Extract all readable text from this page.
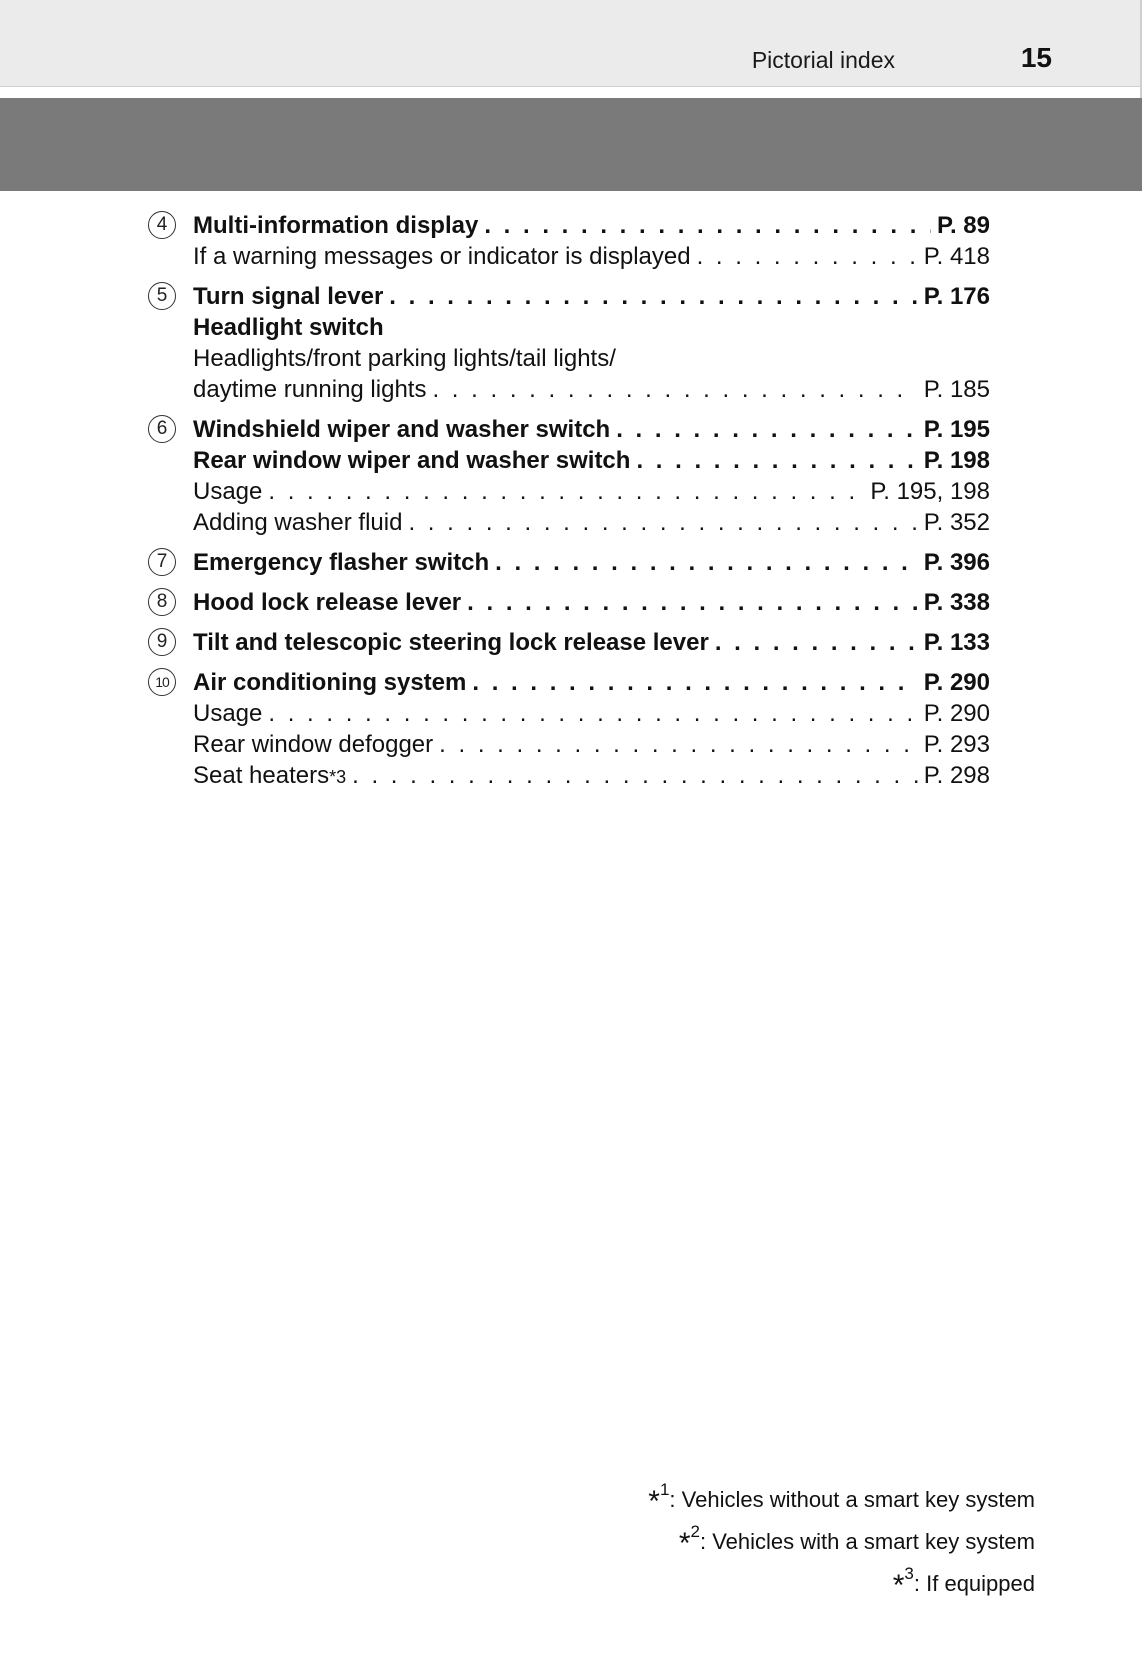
Pictorial index	15
4	Multi-information display . . .	P. 89
If a warning messages or indicator is displayed . . .	P. 418
5	Turn signal lever . . .	P. 176
Headlight switch
Headlights/front parking lights/tail lights/
daytime running lights . . .	P. 185
6	Windshield wiper and washer switch . . .	P. 195
Rear window wiper and washer switch . . .	P. 198
Usage . . .	P. 195, 198
Adding washer fluid . . .	P. 352
7	Emergency flasher switch . . .	P. 396
8	Hood lock release lever . . .	P. 338
9	Tilt and telescopic steering lock release lever . . .	P. 133
10	Air conditioning system . . .	P. 290
Usage . . .	P. 290
Rear window defogger . . .	P. 293
Seat heaters *3 . . .	P. 298
*$^1$: Vehicles without a smart key system
*$^2$: Vehicles with a smart key system
*$^3$: If equipped
